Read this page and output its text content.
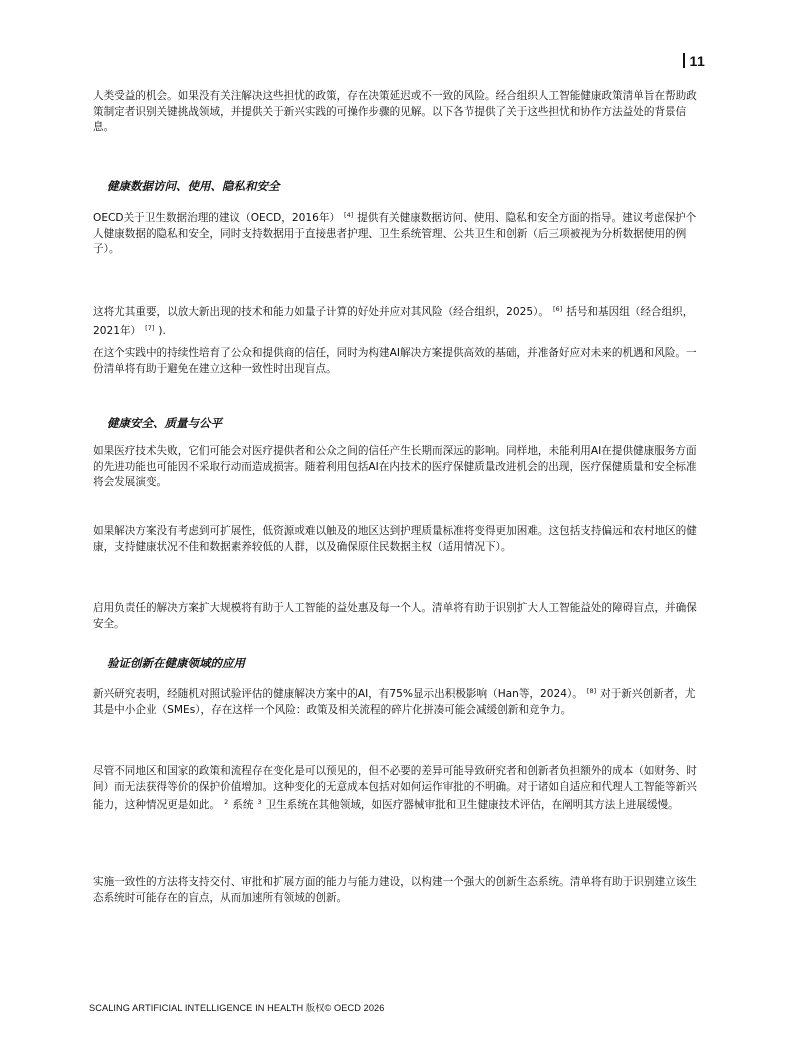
11

人类受益的机会。如果没有关注解决这些担忧的政策，存在决策延迟或不一致的风险。经合组织人工智能健康政策清单旨在帮助政策制定者识别关键挑战领域，并提供关于新兴实践的可操作步骤的见解。以下各节提供了关于这些担忧和协作方法益处的背景信息。

健康数据访问、使用、隐私和安全

OECD关于卫生数据治理的建议（OECD，2016年） [4] 提供有关健康数据访问、使用、隐私和安全方面的指导。建议考虑保护个人健康数据的隐私和安全，同时支持数据用于直接患者护理、卫生系统管理、公共卫生和创新（后三项被视为分析数据使用的例子）。

这将尤其重要，以放大新出现的技术和能力如量子计算的好处并应对其风险（经合组织，2025）。 [6] 括号和基因组（经合组织，2021年） [7] ).

在这个实践中的持续性培育了公众和提供商的信任，同时为构建AI解决方案提供高效的基础，并准备好应对未来的机遇和风险。一份清单将有助于避免在建立这种一致性时出现盲点。

健康安全、质量与公平

如果医疗技术失败，它们可能会对医疗提供者和公众之间的信任产生长期而深远的影响。同样地，未能利用AI在提供健康服务方面的先进功能也可能因不采取行动而造成损害。随着利用包括AI在内技术的医疗保健质量改进机会的出现，医疗保健质量和安全标准将会发展演变。

如果解决方案没有考虑到可扩展性，低资源或难以触及的地区达到护理质量标准将变得更加困难。这包括支持偏远和农村地区的健康，支持健康状况不佳和数据素养较低的人群，以及确保原住民数据主权（适用情况下）。

启用负责任的解决方案扩大规模将有助于人工智能的益处惠及每一个人。清单将有助于识别扩大人工智能益处的障碍盲点，并确保安全。

验证创新在健康领域的应用

新兴研究表明，经随机对照试验评估的健康解决方案中的AI，有75%显示出积极影响（Han等，2024）。 [8] 对于新兴创新者，尤其是中小企业（SMEs），存在这样一个风险：政策及相关流程的碎片化拼凑可能会减缓创新和竞争力。

尽管不同地区和国家的政策和流程存在变化是可以预见的，但不必要的差异可能导致研究者和创新者负担额外的成本（如财务、时间）而无法获得等价的保护价值增加。这种变化的无意成本包括对如何运作审批的不明确。对于诸如自适应和代理人工智能等新兴能力，这种情况更是如此。 $^2$ 系统 $^3$ 卫生系统在其他领域，如医疗器械审批和卫生健康技术评估，在阐明其方法上进展缓慢。

实施一致性的方法将支持交付、审批和扩展方面的能力与能力建设，以构建一个强大的创新生态系统。清单将有助于识别建立该生态系统时可能存在的盲点，从而加速所有领域的创新。

SCALING ARTIFICIAL INTELLIGENCE IN HEALTH 版权© OECD 2026
